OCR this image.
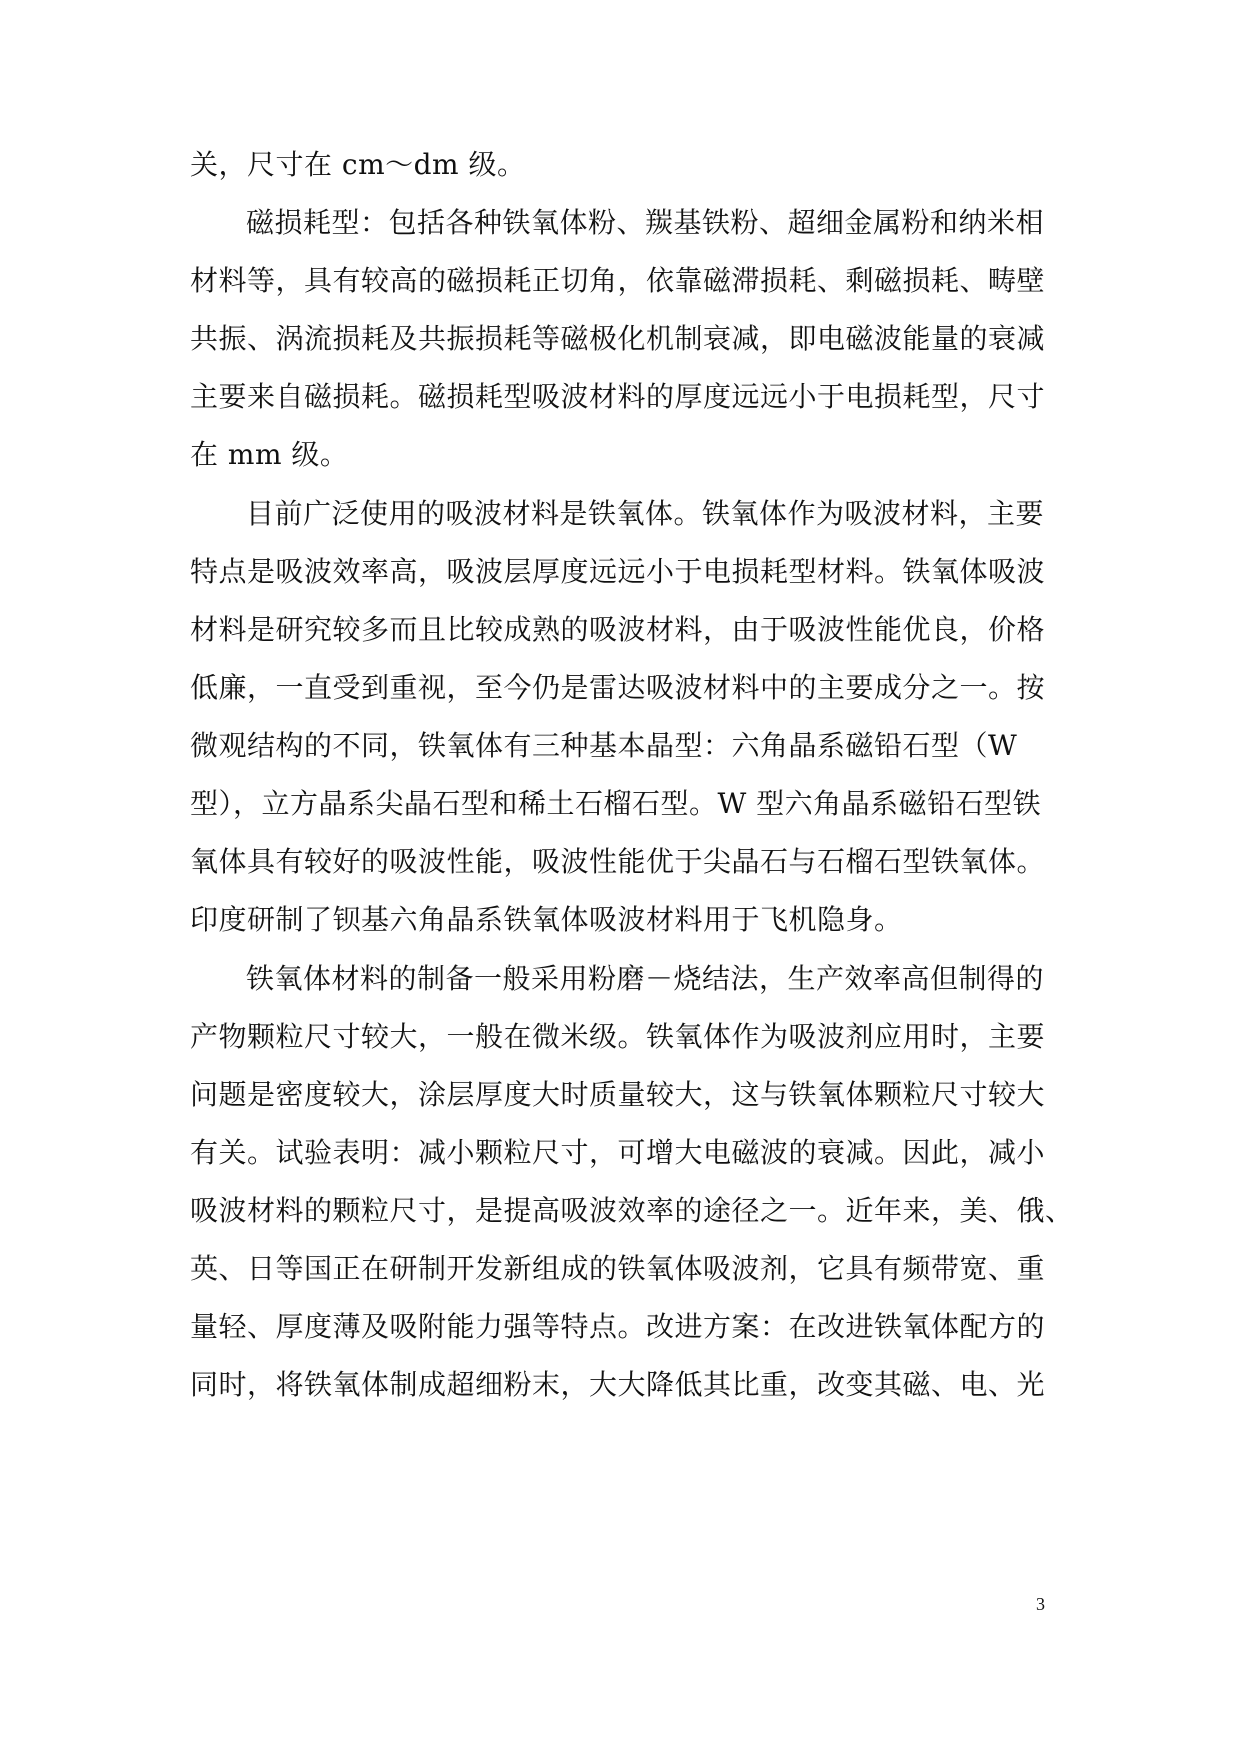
关，尺寸在 cm～dm 级。
磁损耗型：包括各种铁氧体粉、羰基铁粉、超细金属粉和纳米相
材料等，具有较高的磁损耗正切角，依靠磁滞损耗、剩磁损耗、畴壁
共振、涡流损耗及共振损耗等磁极化机制衰减，即电磁波能量的衰减
主要来自磁损耗。磁损耗型吸波材料的厚度远远小于电损耗型，尺寸
在 mm 级。
目前广泛使用的吸波材料是铁氧体。铁氧体作为吸波材料，主要
特点是吸波效率高，吸波层厚度远远小于电损耗型材料。铁氧体吸波
材料是研究较多而且比较成熟的吸波材料，由于吸波性能优良，价格
低廉，一直受到重视，至今仍是雷达吸波材料中的主要成分之一。按
微观结构的不同，铁氧体有三种基本晶型：六角晶系磁铅石型（W
型），立方晶系尖晶石型和稀土石榴石型。W 型六角晶系磁铅石型铁
氧体具有较好的吸波性能，吸波性能优于尖晶石与石榴石型铁氧体。
印度研制了钡基六角晶系铁氧体吸波材料用于飞机隐身。
铁氧体材料的制备一般采用粉磨－烧结法，生产效率高但制得的
产物颗粒尺寸较大，一般在微米级。铁氧体作为吸波剂应用时，主要
问题是密度较大，涂层厚度大时质量较大，这与铁氧体颗粒尺寸较大
有关。试验表明：减小颗粒尺寸，可增大电磁波的衰减。因此，减小
吸波材料的颗粒尺寸，是提高吸波效率的途径之一。近年来，美、俄、
英、日等国正在研制开发新组成的铁氧体吸波剂，它具有频带宽、重
量轻、厚度薄及吸附能力强等特点。改进方案：在改进铁氧体配方的
同时，将铁氧体制成超细粉末，大大降低其比重，改变其磁、电、光
3
